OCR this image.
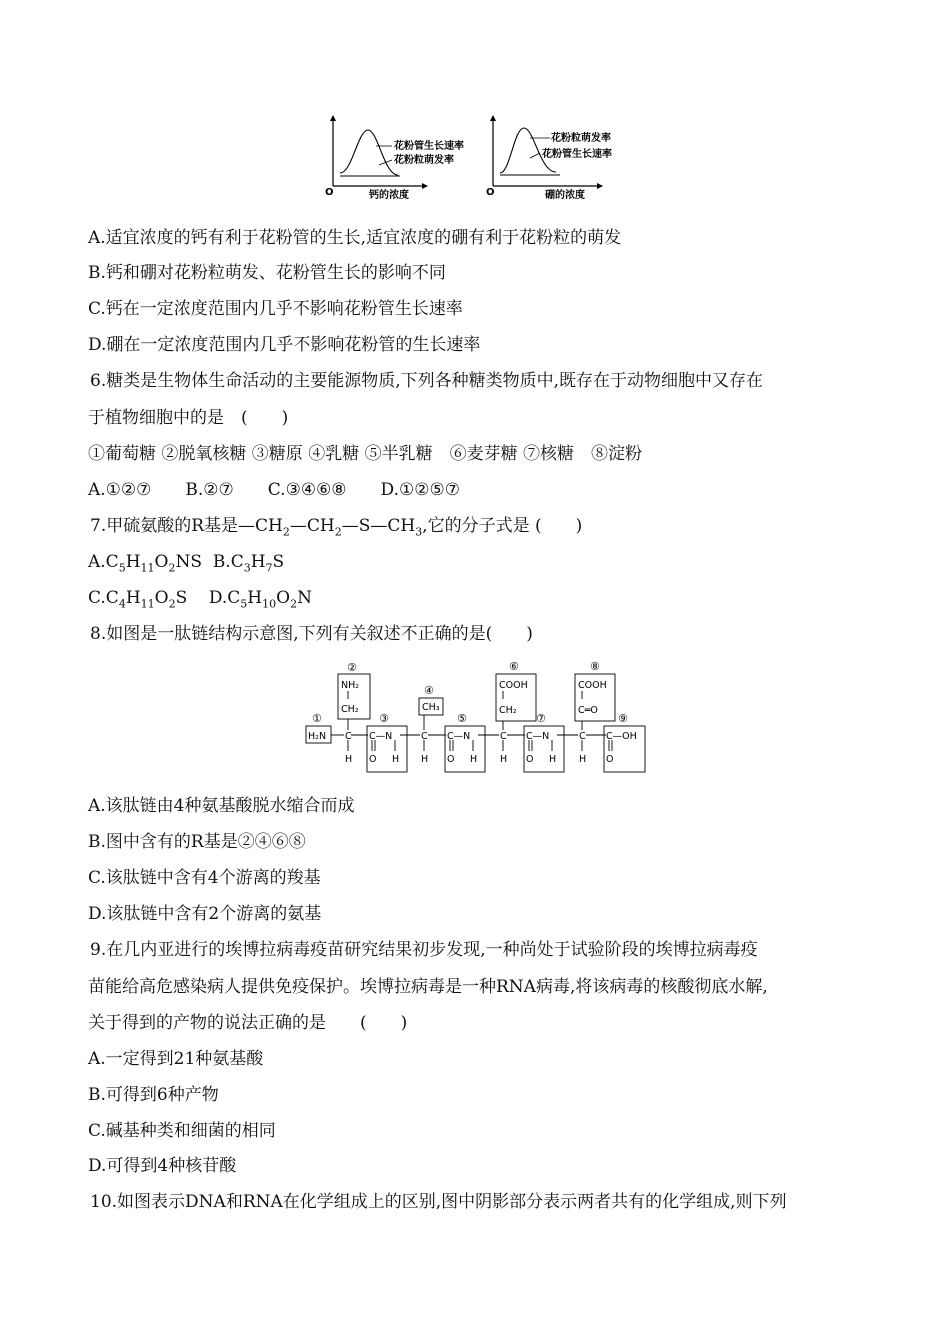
花粉管生长速率
花粉粒萌发率
O	钙的浓度
花粉粒萌发率
花粉管生长速率
O	硼的浓度
A.适宜浓度的钙有利于花粉管的生长,适宜浓度的硼有利于花粉粒的萌发
B.钙和硼对花粉粒萌发、花粉管生长的影响不同
C.钙在一定浓度范围内几乎不影响花粉管生长速率
D.硼在一定浓度范围内几乎不影响花粉管的生长速率
6.糖类是生物体生命活动的主要能源物质,下列各种糖类物质中,既存在于动物细胞中又存在
于植物细胞中的是　(　　)
①葡萄糖 ②脱氧核糖 ③糖原 ④乳糖 ⑤半乳糖　⑥麦芽糖 ⑦核糖　⑧淀粉
A.①②⑦　　B.②⑦　　C.③④⑥⑧　　D.①②⑤⑦
7.甲硫氨酸的R基是$—CH_2—CH_2—S—CH_3$,它的分子式是 (　　)
$A.C_5H_{11}O_2NS$ $B.C_3H_7S$
$C.C_4H_{11}O_2S$ $D.C_5H_{10}O_2N$
8.如图是一肽链结构示意图,下列有关叙述不正确的是(　　)
①
②
③
④
⑤
⑥
⑦
⑧
⑨
H₂N
NH₂
CH₂	CH₃
COOH
CH₂
COOH
C═O
C
H
C—N
O H
C
H
C—N
O H
C
H
C—N
O H
C
H
C—OH
O
A.该肽链由4种氨基酸脱水缩合而成
B.图中含有的R基是②④⑥⑧
C.该肽链中含有4个游离的羧基
D.该肽链中含有2个游离的氨基
9.在几内亚进行的埃博拉病毒疫苗研究结果初步发现,一种尚处于试验阶段的埃博拉病毒疫
苗能给高危感染病人提供免疫保护。埃博拉病毒是一种RNA病毒,将该病毒的核酸彻底水解,
关于得到的产物的说法正确的是　　(　　)
A.一定得到21种氨基酸
B.可得到6种产物
C.碱基种类和细菌的相同
D.可得到4种核苷酸
10.如图表示DNA和RNA在化学组成上的区别,图中阴影部分表示两者共有的化学组成,则下列
